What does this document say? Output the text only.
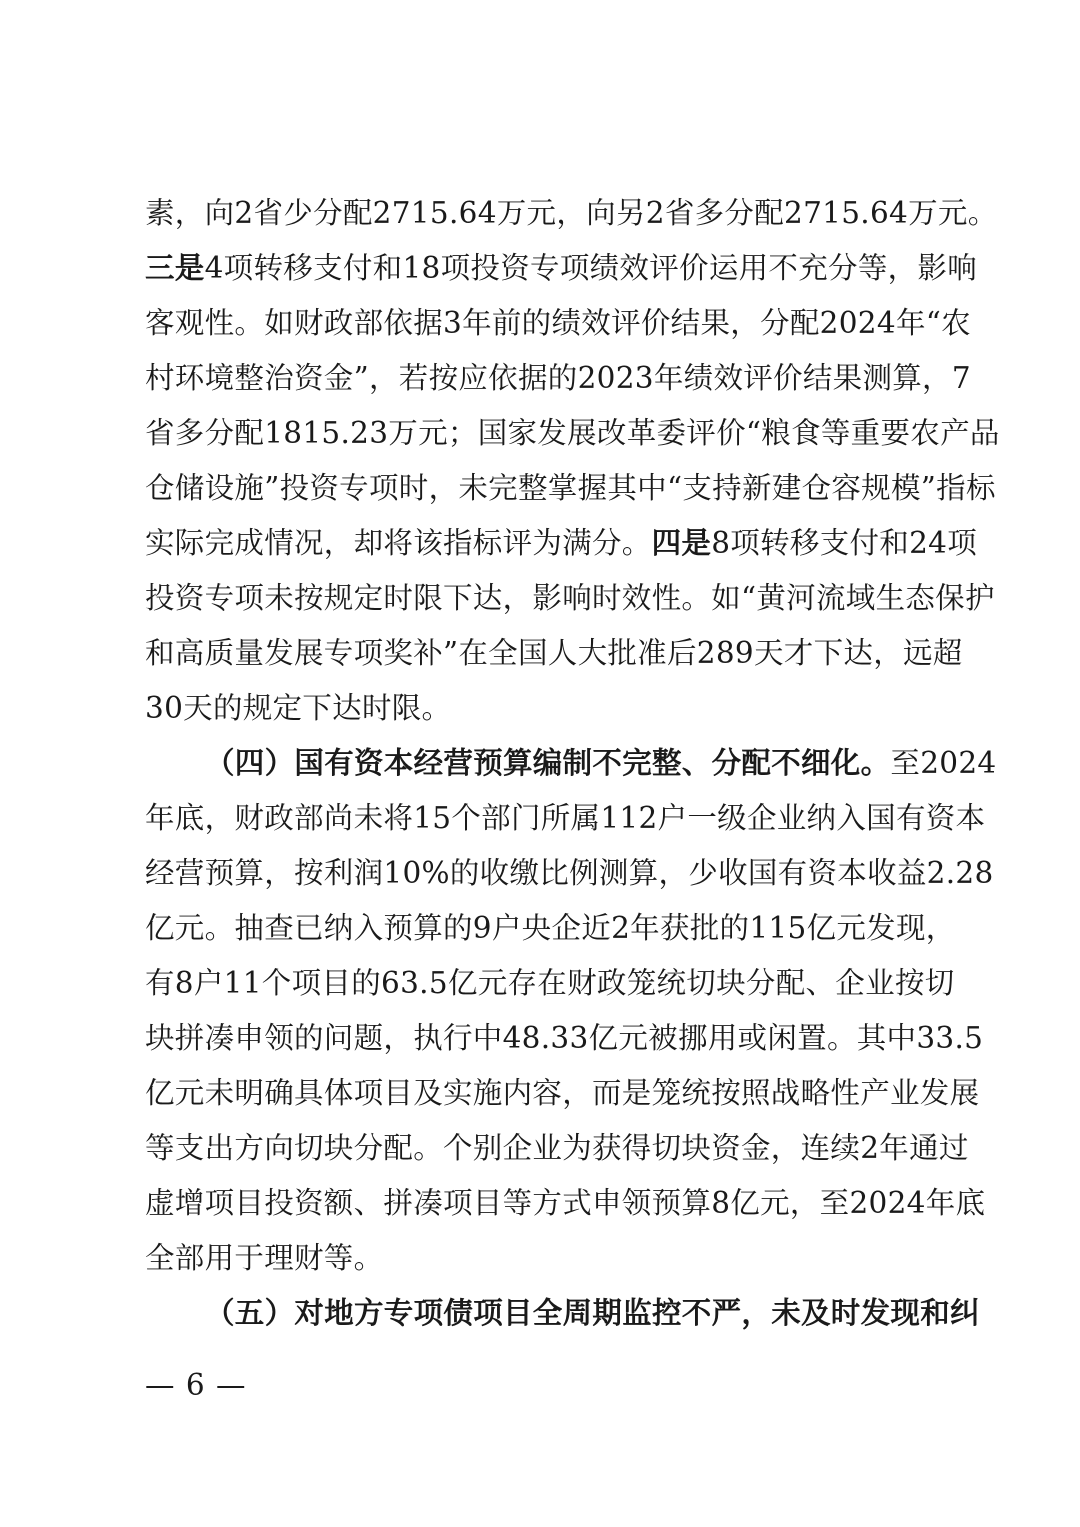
素，向2省少分配2715.64万元，向另2省多分配2715.64万元。
三是4项转移支付和18项投资专项绩效评价运用不充分等，影响
客观性。如财政部依据3年前的绩效评价结果，分配2024年“农
村环境整治资金”，若按应依据的2023年绩效评价结果测算，7
省多分配1815.23万元；国家发展改革委评价“粮食等重要农产品
仓储设施”投资专项时，未完整掌握其中“支持新建仓容规模”指标
实际完成情况，却将该指标评为满分。四是8项转移支付和24项
投资专项未按规定时限下达，影响时效性。如“黄河流域生态保护
和高质量发展专项奖补”在全国人大批准后289天才下达，远超
30天的规定下达时限。
（四）国有资本经营预算编制不完整、分配不细化。至2024
年底，财政部尚未将15个部门所属112户一级企业纳入国有资本
经营预算，按利润10%的收缴比例测算，少收国有资本收益2.28
亿元。抽查已纳入预算的9户央企近2年获批的115亿元发现，
有8户11个项目的63.5亿元存在财政笼统切块分配、企业按切
块拼凑申领的问题，执行中48.33亿元被挪用或闲置。其中33.5
亿元未明确具体项目及实施内容，而是笼统按照战略性产业发展
等支出方向切块分配。个别企业为获得切块资金，连续2年通过
虚增项目投资额、拼凑项目等方式申领预算8亿元，至2024年底
全部用于理财等。
（五）对地方专项债项目全周期监控不严，未及时发现和纠
— 6 —
